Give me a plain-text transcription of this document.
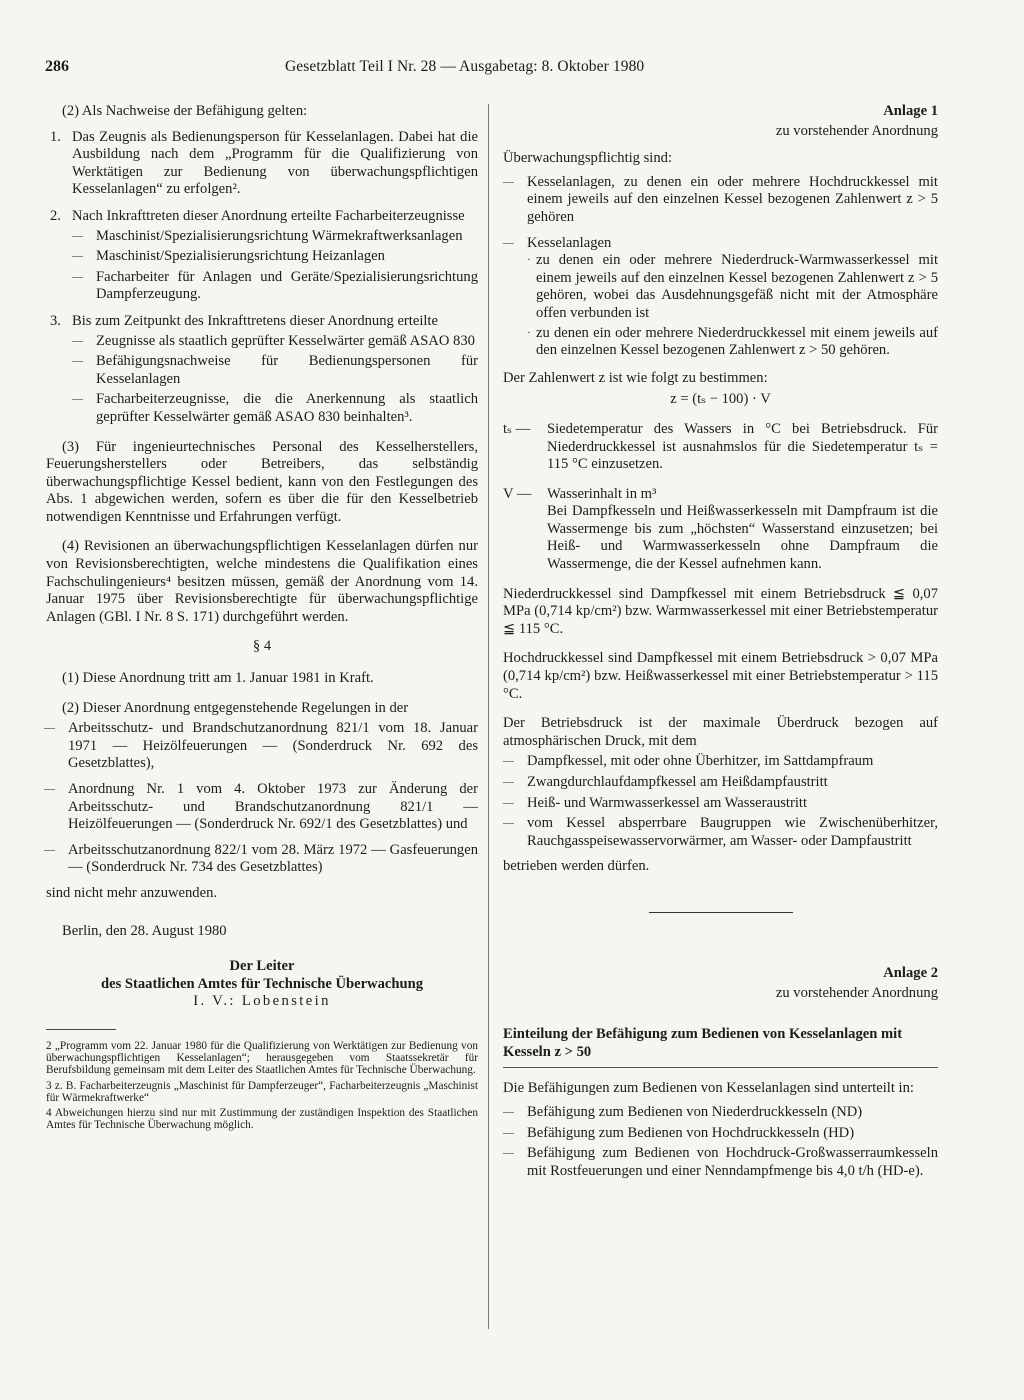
286	Gesetzblatt Teil I Nr. 28 — Ausgabetag: 8. Oktober 1980

(2) Als Nachweise der Befähigung gelten:

1. Das Zeugnis als Bedienungsperson für Kesselanlagen. Dabei hat die Ausbildung nach dem „Programm für die Qualifizierung von Werktätigen zur Bedienung von überwachungspflichtigen Kesselanlagen“ zu erfolgen².
2. Nach Inkrafttreten dieser Anordnung erteilte Facharbeiterzeugnisse
— Maschinist/Spezialisierungsrichtung Wärmekraftwerksanlagen
— Maschinist/Spezialisierungsrichtung Heizanlagen
— Facharbeiter für Anlagen und Geräte/Spezialisierungsrichtung Dampferzeugung.
3. Bis zum Zeitpunkt des Inkrafttretens dieser Anordnung erteilte
— Zeugnisse als staatlich geprüfter Kesselwärter gemäß ASAO 830
— Befähigungsnachweise für Bedienungspersonen für Kesselanlagen
— Facharbeiterzeugnisse, die die Anerkennung als staatlich geprüfter Kesselwärter gemäß ASAO 830 beinhalten³.

(3) Für ingenieurtechnisches Personal des Kesselherstellers, Feuerungsherstellers oder Betreibers, das selbständig überwachungspflichtige Kessel bedient, kann von den Festlegungen des Abs. 1 abgewichen werden, sofern es über die für den Kesselbetrieb notwendigen Kenntnisse und Erfahrungen verfügt.

(4) Revisionen an überwachungspflichtigen Kesselanlagen dürfen nur von Revisionsberechtigten, welche mindestens die Qualifikation eines Fachschulingenieurs⁴ besitzen müssen, gemäß der Anordnung vom 14. Januar 1975 über Revisionsberechtigte für überwachungspflichtige Anlagen (GBl. I Nr. 8 S. 171) durchgeführt werden.

§ 4

(1) Diese Anordnung tritt am 1. Januar 1981 in Kraft.

(2) Dieser Anordnung entgegenstehende Regelungen in der

— Arbeitsschutz- und Brandschutzanordnung 821/1 vom 18. Januar 1971 — Heizölfeuerungen — (Sonderdruck Nr. 692 des Gesetzblattes),
— Anordnung Nr. 1 vom 4. Oktober 1973 zur Änderung der Arbeitsschutz- und Brandschutzanordnung 821/1 — Heizölfeuerungen — (Sonderdruck Nr. 692/1 des Gesetzblattes) und
— Arbeitsschutzanordnung 822/1 vom 28. März 1972 — Gasfeuerungen — (Sonderdruck Nr. 734 des Gesetzblattes)

sind nicht mehr anzuwenden.

Berlin, den 28. August 1980

Der Leiter
des Staatlichen Amtes für Technische Überwachung
I. V.: Lobenstein

2 „Programm vom 22. Januar 1980 für die Qualifizierung von Werktätigen zur Bedienung von überwachungspflichtigen Kesselanlagen“; herausgegeben vom Staatssekretär für Berufsbildung gemeinsam mit dem Leiter des Staatlichen Amtes für Technische Überwachung.

3 z. B. Facharbeiterzeugnis „Maschinist für Dampferzeuger“, Facharbeiterzeugnis „Maschinist für Wärmekraftwerke“

4 Abweichungen hierzu sind nur mit Zustimmung der zuständigen Inspektion des Staatlichen Amtes für Technische Überwachung möglich.

Anlage 1
zu vorstehender Anordnung

Überwachungspflichtig sind:

— Kesselanlagen, zu denen ein oder mehrere Hochdruckkessel mit einem jeweils auf den einzelnen Kessel bezogenen Zahlenwert z > 5 gehören
— Kesselanlagen
· zu denen ein oder mehrere Niederdruck-Warmwasserkessel mit einem jeweils auf den einzelnen Kessel bezogenen Zahlenwert z > 5 gehören, wobei das Ausdehnungsgefäß nicht mit der Atmosphäre offen verbunden ist
· zu denen ein oder mehrere Niederdruckkessel mit einem jeweils auf den einzelnen Kessel bezogenen Zahlenwert z > 50 gehören.

Der Zahlenwert z ist wie folgt zu bestimmen:

z = (tₛ − 100) · V
tₛ — Siedetemperatur des Wassers in °C bei Betriebsdruck. Für Niederdruckkessel ist ausnahmslos für die Siedetemperatur tₛ = 115 °C einzusetzen.
V — Wasserinhalt in m³
Bei Dampfkesseln und Heißwasserkesseln mit Dampfraum ist die Wassermenge bis zum „höchsten“ Wasserstand einzusetzen; bei Heiß- und Warmwasserkesseln ohne Dampfraum die Wassermenge, die der Kessel aufnehmen kann.

Niederdruckkessel sind Dampfkessel mit einem Betriebsdruck ≦ 0,07 MPa (0,714 kp/cm²) bzw. Warmwasserkessel mit einer Betriebstemperatur ≦ 115 °C.

Hochdruckkessel sind Dampfkessel mit einem Betriebsdruck > 0,07 MPa (0,714 kp/cm²) bzw. Heißwasserkessel mit einer Betriebstemperatur > 115 °C.

Der Betriebsdruck ist der maximale Überdruck bezogen auf atmosphärischen Druck, mit dem

— Dampfkessel, mit oder ohne Überhitzer, im Sattdampfraum
— Zwangdurchlaufdampfkessel am Heißdampfaustritt
— Heiß- und Warmwasserkessel am Wasseraustritt
— vom Kessel absperrbare Baugruppen wie Zwischenüberhitzer, Rauchgasspeisewasservorwärmer, am Wasser- oder Dampfaustritt

betrieben werden dürfen.

Anlage 2
zu vorstehender Anordnung

Einteilung der Befähigung zum Bedienen von Kesselanlagen mit Kesseln z > 50

Die Befähigungen zum Bedienen von Kesselanlagen sind unterteilt in:

— Befähigung zum Bedienen von Niederdruckkesseln (ND)
— Befähigung zum Bedienen von Hochdruckkesseln (HD)
— Befähigung zum Bedienen von Hochdruck-Großwasserraumkesseln mit Rostfeuerungen und einer Nenndampfmenge bis 4,0 t/h (HD-e).
